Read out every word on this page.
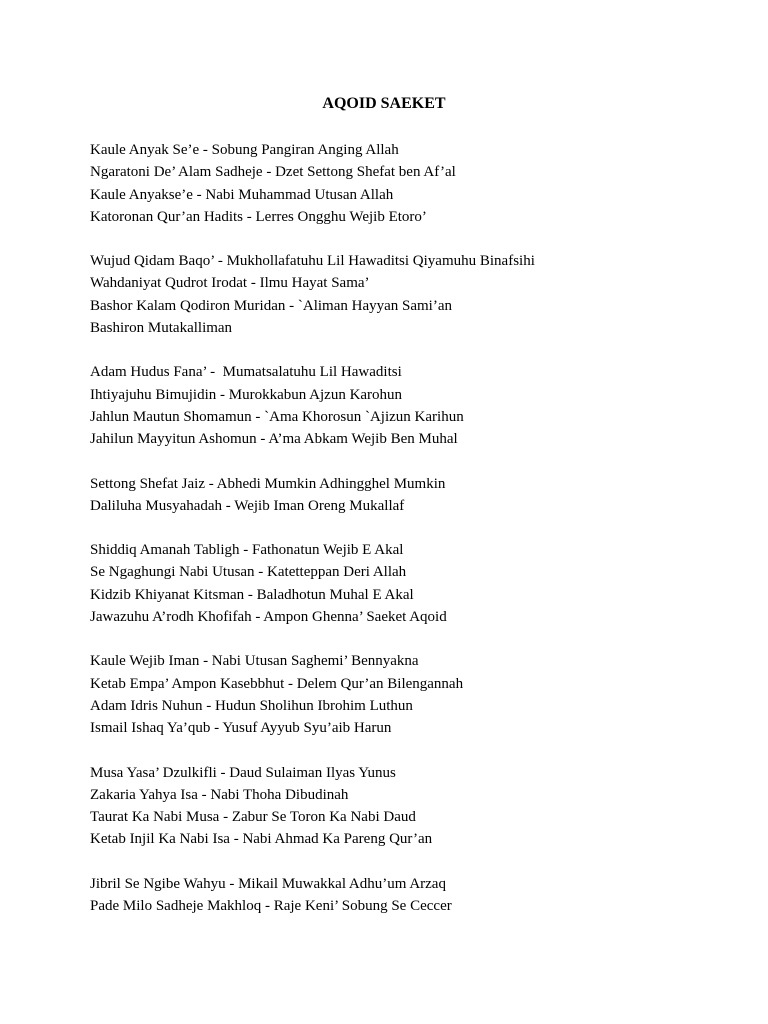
AQOID SAEKET
Kaule Anyak Se’e - Sobung Pangiran Anging Allah
Ngaratoni De’ Alam Sadheje - Dzet Settong Shefat ben Af’al
Kaule Anyakse’e - Nabi Muhammad Utusan Allah
Katoronan Qur’an Hadits - Lerres Ongghu Wejib Etoro’
Wujud Qidam Baqo’ - Mukhollafatuhu Lil Hawaditsi Qiyamuhu Binafsihi
Wahdaniyat Qudrot Irodat - Ilmu Hayat Sama’
Bashor Kalam Qodiron Muridan - `Aliman Hayyan Sami’an
Bashiron Mutakalliman
Adam Hudus Fana’ -  Mumatsalatuhu Lil Hawaditsi
Ihtiyajuhu Bimujidin - Murokkabun Ajzun Karohun
Jahlun Mautun Shomamun - `Ama Khorosun `Ajizun Karihun
Jahilun Mayyitun Ashomun - A’ma Abkam Wejib Ben Muhal
Settong Shefat Jaiz - Abhedi Mumkin Adhingghel Mumkin
Daliluha Musyahadah - Wejib Iman Oreng Mukallaf
Shiddiq Amanah Tabligh - Fathonatun Wejib E Akal
Se Ngaghungi Nabi Utusan - Katetteppan Deri Allah
Kidzib Khiyanat Kitsman - Baladhotun Muhal E Akal
Jawazuhu A’rodh Khofifah - Ampon Ghenna’ Saeket Aqoid
Kaule Wejib Iman - Nabi Utusan Saghemi’ Bennyakna
Ketab Empa’ Ampon Kasebbhut - Delem Qur’an Bilengannah
Adam Idris Nuhun - Hudun Sholihun Ibrohim Luthun
Ismail Ishaq Ya’qub - Yusuf Ayyub Syu’aib Harun
Musa Yasa’ Dzulkifli - Daud Sulaiman Ilyas Yunus
Zakaria Yahya Isa - Nabi Thoha Dibudinah
Taurat Ka Nabi Musa - Zabur Se Toron Ka Nabi Daud
Ketab Injil Ka Nabi Isa - Nabi Ahmad Ka Pareng Qur’an
Jibril Se Ngibe Wahyu - Mikail Muwakkal Adhu’um Arzaq
Pade Milo Sadheje Makhloq - Raje Keni’ Sobung Se Ceccer
